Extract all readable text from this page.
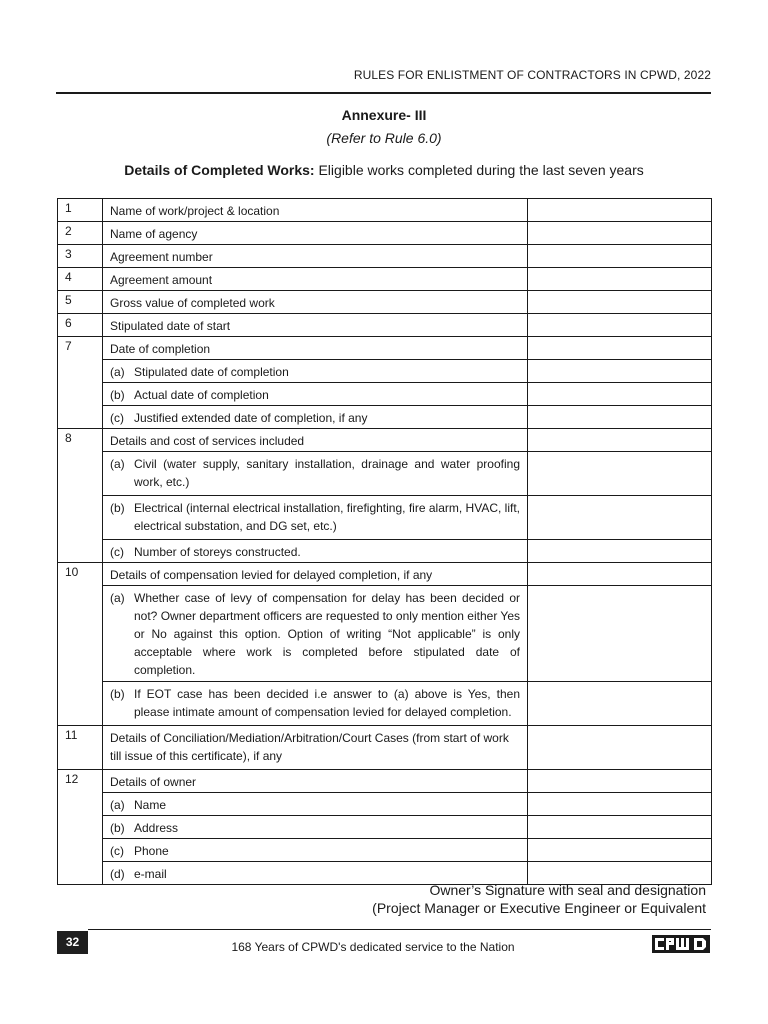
RULES FOR ENLISTMENT OF CONTRACTORS IN CPWD, 2022
Annexure- III
(Refer to Rule 6.0)
Details of Completed Works: Eligible works completed during the last seven years
1	Name of work/project & location	
2	Name of agency	
3	Agreement number	
4	Agreement amount	
5	Gross value of completed work	
6	Stipulated date of start	
7	Date of completion	

	(a) Stipulated date of completion	

	(b) Actual date of completion	

	(c) Justified extended date of completion, if any	

8	Details and cost of services included	

	(a) Civil (water supply, sanitary installation, drainage and water proofing work, etc.)	

	(b) Electrical (internal electrical installation, firefighting, fire alarm, HVAC, lift, electrical substation, and DG set, etc.)	

	(c) Number of storeys constructed.	

10	Details of compensation levied for delayed completion, if any	

	(a) Whether case of levy of compensation for delay has been decided or not? Owner department officers are requested to only mention either Yes or No against this option. Option of writing “Not applicable” is only acceptable where work is completed before stipulated date of completion.	

	(b) If EOT case has been decided i.e answer to (a) above is Yes, then please intimate amount of compensation levied for delayed completion.	

11	Details of Conciliation/Mediation/Arbitration/Court Cases (from start of work till issue of this certificate), if any	
12	Details of owner	

	(a) Name	

	(b) Address	

	(c) Phone	

	(d) e-mail	

Owner’s Signature with seal and designation
(Project Manager or Executive Engineer or Equivalent
32	168 Years of CPWD's dedicated service to the Nation
